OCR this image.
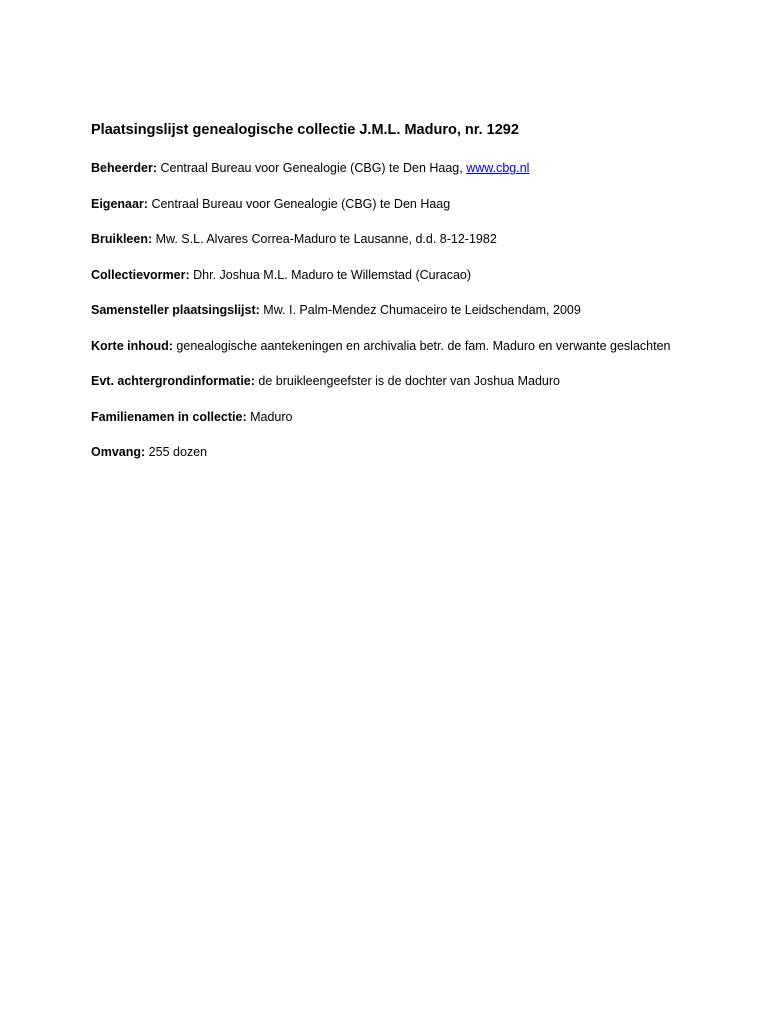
Plaatsingslijst genealogische collectie J.M.L. Maduro, nr. 1292
Beheerder: Centraal Bureau voor Genealogie (CBG) te Den Haag, www.cbg.nl
Eigenaar: Centraal Bureau voor Genealogie (CBG) te Den Haag
Bruikleen: Mw. S.L. Alvares Correa-Maduro te Lausanne, d.d. 8-12-1982
Collectievormer: Dhr. Joshua M.L. Maduro te Willemstad (Curacao)
Samensteller plaatsingslijst: Mw. I. Palm-Mendez Chumaceiro te Leidschendam, 2009
Korte inhoud: genealogische aantekeningen en archivalia betr. de fam. Maduro en verwante geslachten
Evt. achtergrondinformatie: de bruikleengeefster is de dochter van Joshua Maduro
Familienamen in collectie: Maduro
Omvang: 255 dozen
